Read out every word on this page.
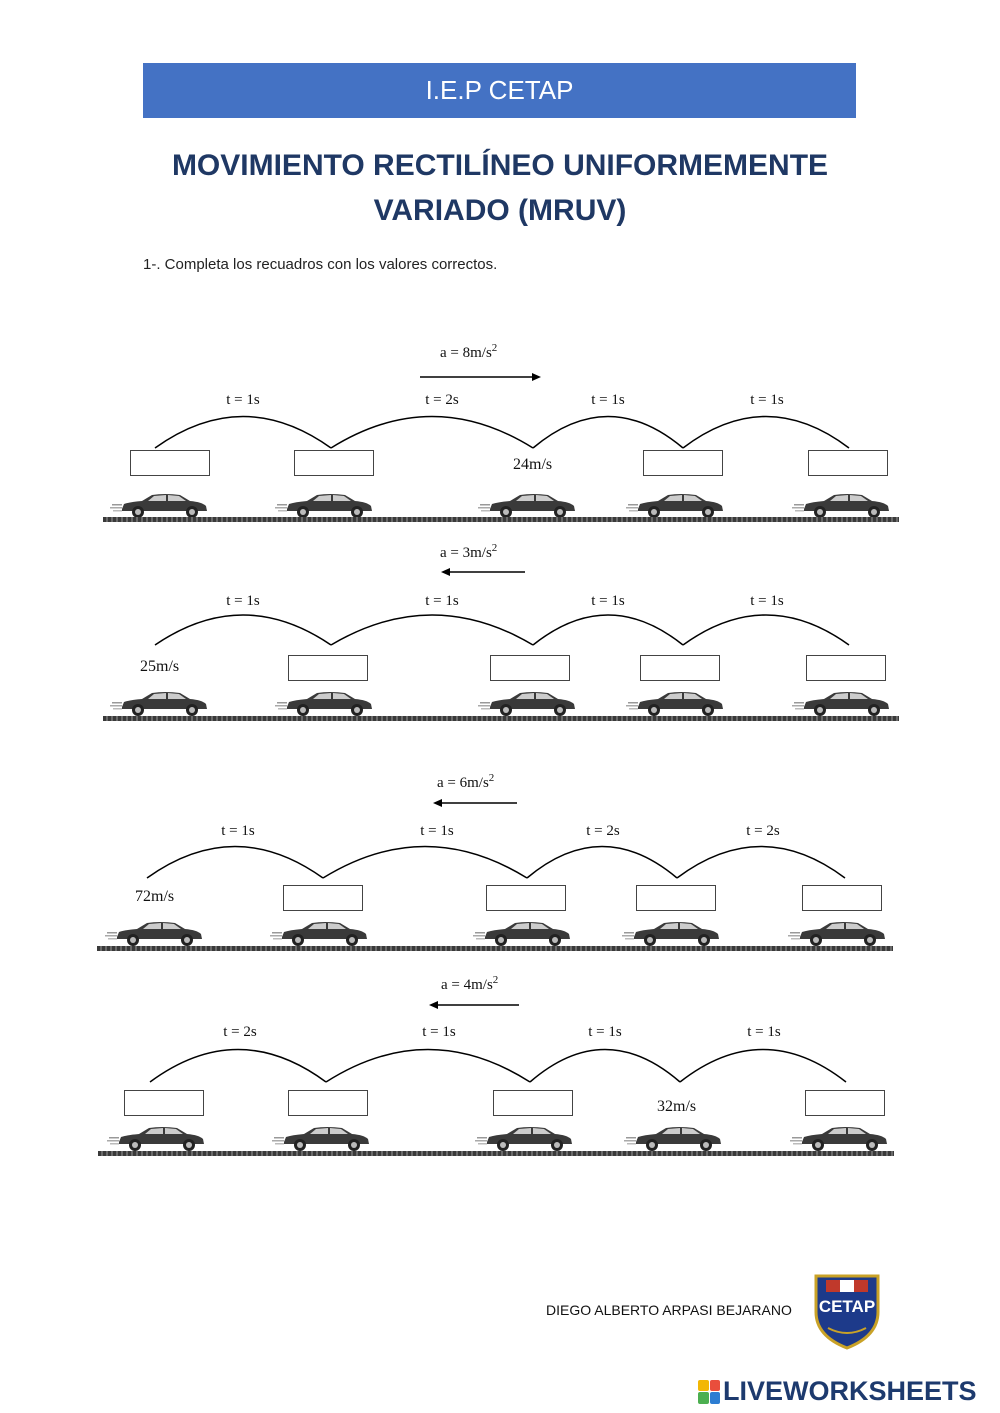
I.E.P CETAP
MOVIMIENTO RECTILÍNEO UNIFORMEMENTE
VARIADO (MRUV)
1-. Completa los recuadros con los valores correctos.
$a = 8m/s^2$
t = 1s	t = 2s	t = 1s	t = 1s
24m/s
$a = 3m/s^2$
t = 1s	t = 1s	t = 1s	t = 1s
25m/s
$a = 6m/s^2$
t = 1s	t = 1s	t = 2s	t = 2s
72m/s
$a = 4m/s^2$
t = 2s	t = 1s	t = 1s	t = 1s
32m/s
DIEGO ALBERTO ARPASI BEJARANO CETAP
LIVEWORKSHEETS
